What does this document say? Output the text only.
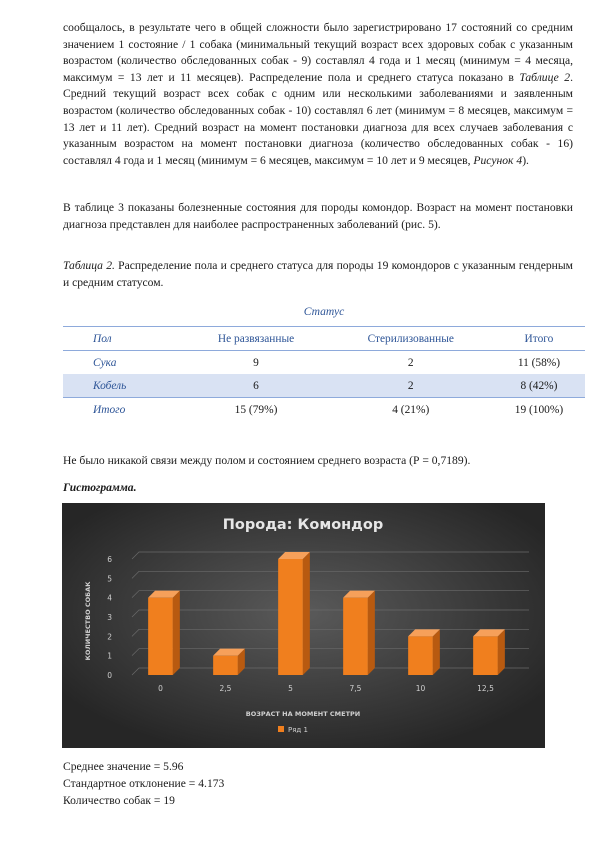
сообщалось, в результате чего в общей сложности было зарегистрировано 17 состояний со средним значением 1 состояние / 1 собака (минимальный текущий возраст всех здоровых собак с указанным возрастом (количество обследованных собак - 9) составлял 4 года и 1 месяц (минимум = 4 месяца, максимум = 13 лет и 11 месяцев). Распределение пола и среднего статуса показано в Таблице 2. Средний текущий возраст всех собак с одним или несколькими заболеваниями и заявленным возрастом (количество обследованных собак - 10) составлял 6 лет (минимум = 8 месяцев, максимум = 13 лет и 11 лет). Средний возраст на момент постановки диагноза для всех случаев заболевания с указанным возрастом на момент постановки диагноза (количество обследованных собак - 16) составлял 4 года и 1 месяц (минимум = 6 месяцев, максимум = 10 лет и 9 месяцев, Рисунок 4).

В таблице 3 показаны болезненные состояния для породы комондор. Возраст на момент постановки диагноза представлен для наиболее распространенных заболеваний (рис. 5).

Таблица 2. Распределение пола и среднего статуса для породы 19 комондоров с указанным гендерным и средним статусом.

Статус
Пол	Не развязанные	Стерилизованные	Итого
Сука	9	2	11 (58%)
Кобель	6	2	8 (42%)
Итого	15 (79%)	4 (21%)	19 (100%)

Не было никакой связи между полом и состоянием среднего возраста (Р = 0,7189).

Гистограмма.

Порода: Комондор
0
1
2
3
4
5
6
0	2,5	5	7,5	10	12,5
КОЛИЧЕСТВО СОБАК
ВОЗРАСТ НА МОМЕНТ СМЕТРИ
Ряд 1
Среднее значение = 5.96
Стандартное отклонение = 4.173
Количество собак = 19
